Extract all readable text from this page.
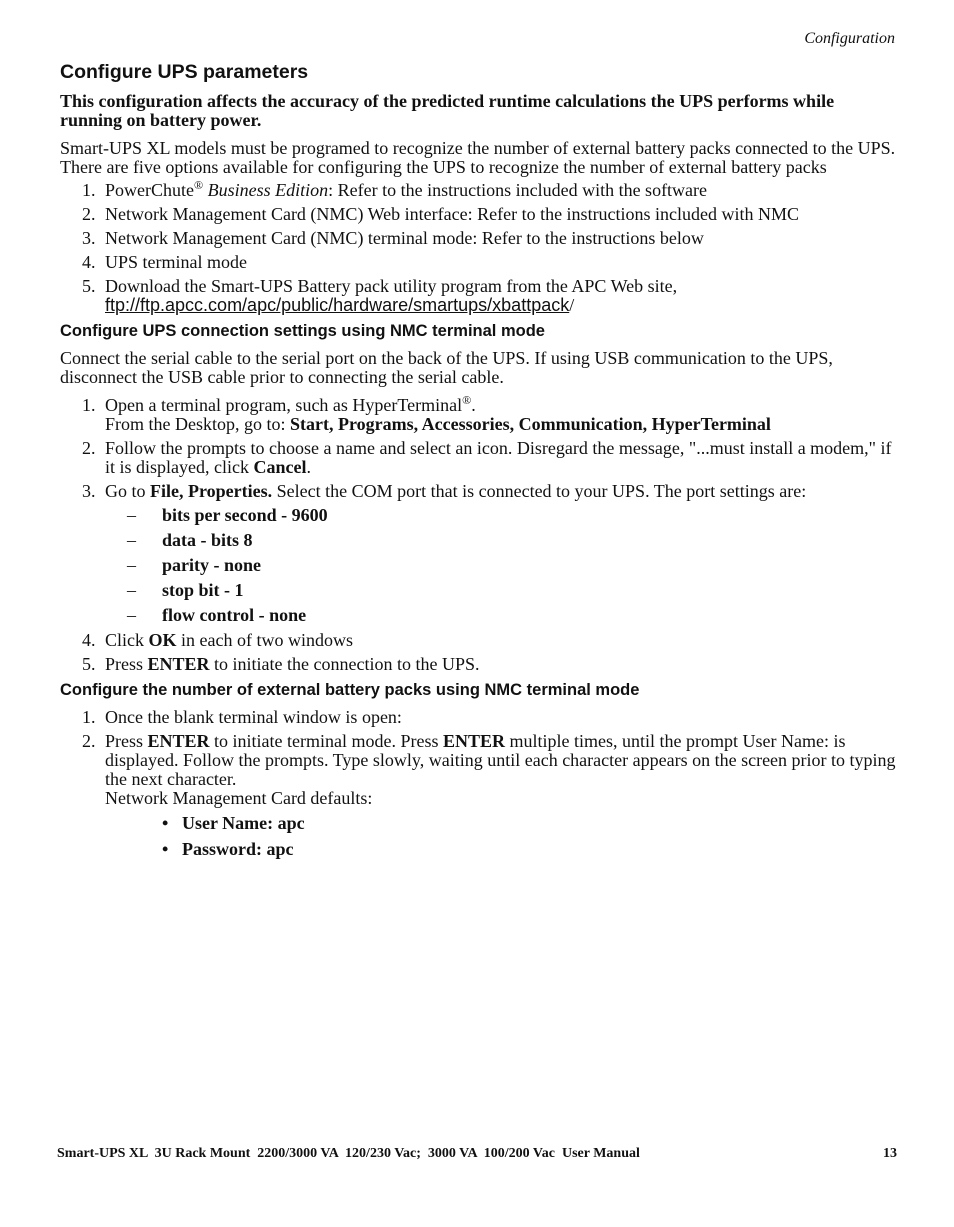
Configuration
Configure UPS parameters

This configuration affects the accuracy of the predicted runtime calculations the UPS performs while running on battery power.

Smart-UPS XL models must be programed to recognize the number of external battery packs connected to the UPS.
There are five options available for configuring the UPS to recognize the number of external battery packs

1. PowerChute® Business Edition: Refer to the instructions included with the software
2. Network Management Card (NMC) Web interface: Refer to the instructions included with NMC
3. Network Management Card (NMC) terminal mode: Refer to the instructions below
4. UPS terminal mode
5. Download the Smart-UPS Battery pack utility program from the APC Web site,
ftp://ftp.apcc.com/apc/public/hardware/smartups/xbattpack/
Configure UPS connection settings using NMC terminal mode

Connect the serial cable to the serial port on the back of the UPS. If using USB communication to the UPS, disconnect the USB cable prior to connecting the serial cable.

1. Open a terminal program, such as HyperTerminal®.
From the Desktop, go to: Start, Programs, Accessories, Communication, HyperTerminal
2. Follow the prompts to choose a name and select an icon. Disregard the message, "...must install a modem," if it is displayed, click Cancel.
3. Go to File, Properties. Select the COM port that is connected to your UPS. The port settings are:
– bits per second - 9600
– data - bits 8
– parity - none
– stop bit - 1
– flow control - none
4. Click OK in each of two windows
5. Press ENTER to initiate the connection to the UPS.
Configure the number of external battery packs using NMC terminal mode
1. Once the blank terminal window is open:
2. Press ENTER to initiate terminal mode. Press ENTER multiple times, until the prompt User Name: is displayed. Follow the prompts. Type slowly, waiting until each character appears on the screen prior to typing the next character.
Network Management Card defaults:
• User Name: apc
• Password: apc
Smart-UPS XL  3U Rack Mount  2200/3000 VA  120/230 Vac;  3000 VA  100/200 Vac  User Manual	13
